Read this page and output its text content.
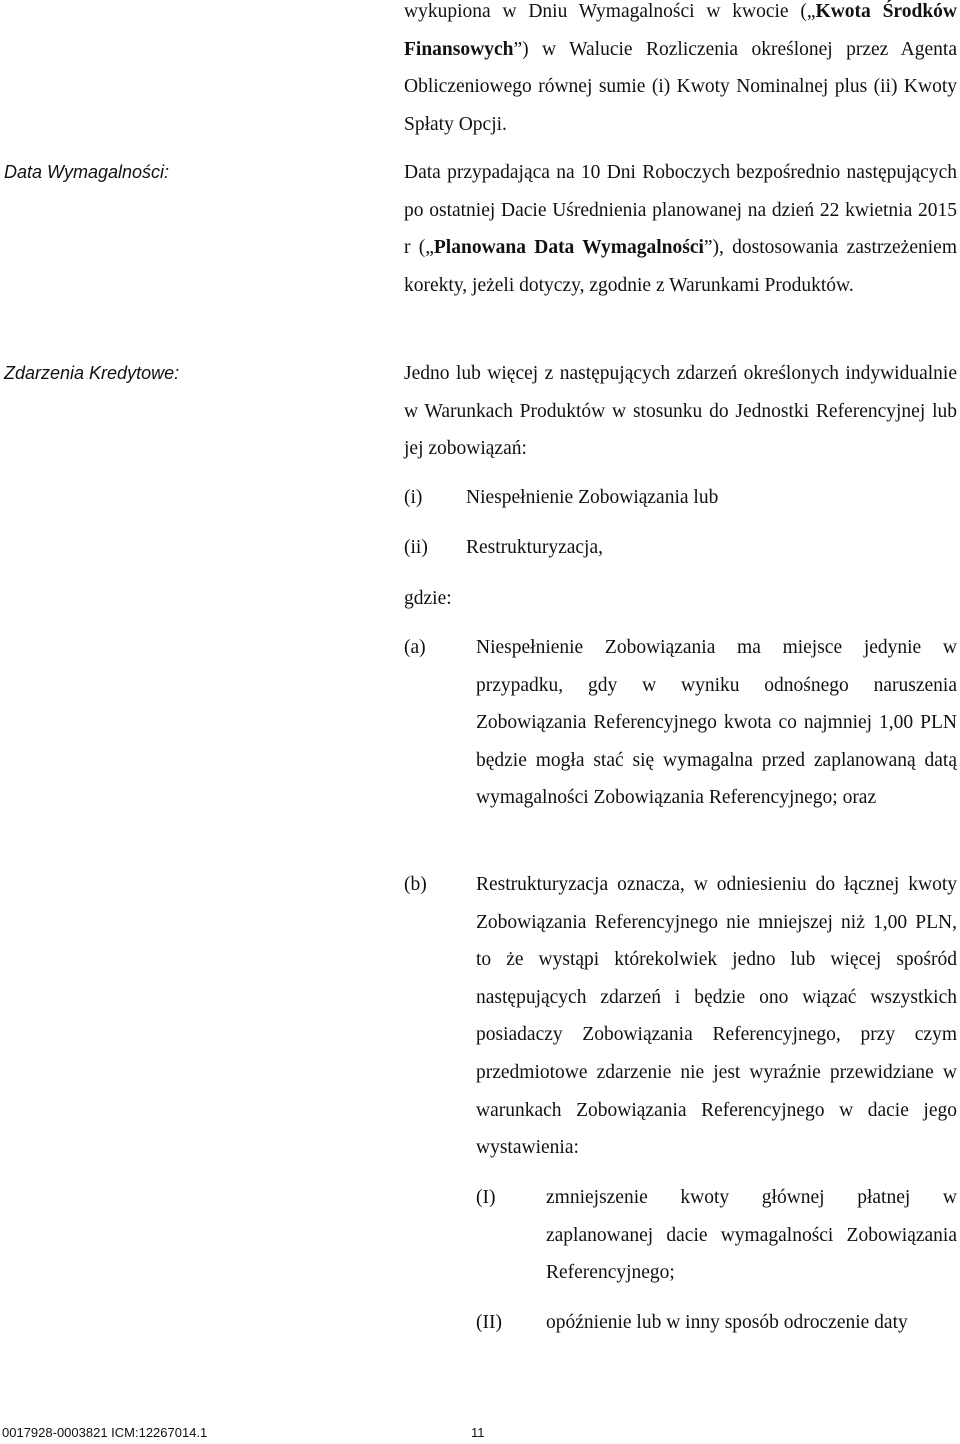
wykupiona w Dniu Wymagalności w kwocie („Kwota Środków Finansowych”) w Walucie Rozliczenia określonej przez Agenta Obliczeniowego równej sumie (i) Kwoty Nominalnej plus (ii) Kwoty Spłaty Opcji.

Data Wymagalności:	Data przypadająca na 10 Dni Roboczych bezpośrednio następujących po ostatniej Dacie Uśrednienia planowanej na dzień 22 kwietnia 2015 r („Planowana Data Wymagalności”), dostosowania zastrzeżeniem korekty, jeżeli dotyczy, zgodnie z Warunkami Produktów.

Zdarzenia Kredytowe:	Jedno lub więcej z następujących zdarzeń określonych indywidualnie w Warunkach Produktów w stosunku do Jednostki Referencyjnej lub jej zobowiązań:

(i) Niespełnienie Zobowiązania lub

(ii) Restrukturyzacja,

gdzie:

(a)	Niespełnienie Zobowiązania ma miejsce jedynie w przypadku, gdy w wyniku odnośnego naruszenia Zobowiązania Referencyjnego kwota co najmniej 1,00 PLN będzie mogła stać się wymagalna przed zaplanowaną datą wymagalności Zobowiązania Referencyjnego; oraz

(b)	Restrukturyzacja oznacza, w odniesieniu do łącznej kwoty Zobowiązania Referencyjnego nie mniejszej niż 1,00 PLN, to że wystąpi którekolwiek jedno lub więcej spośród następujących zdarzeń i będzie ono wiązać wszystkich posiadaczy Zobowiązania Referencyjnego, przy czym przedmiotowe zdarzenie nie jest wyraźnie przewidziane w warunkach Zobowiązania Referencyjnego w dacie jego wystawienia:

(I)	zmniejszenie kwoty głównej płatnej w zaplanowanej dacie wymagalności Zobowiązania Referencyjnego;

(II) opóźnienie lub w inny sposób odroczenie daty

0017928-0003821 ICM:12267014.1	11
